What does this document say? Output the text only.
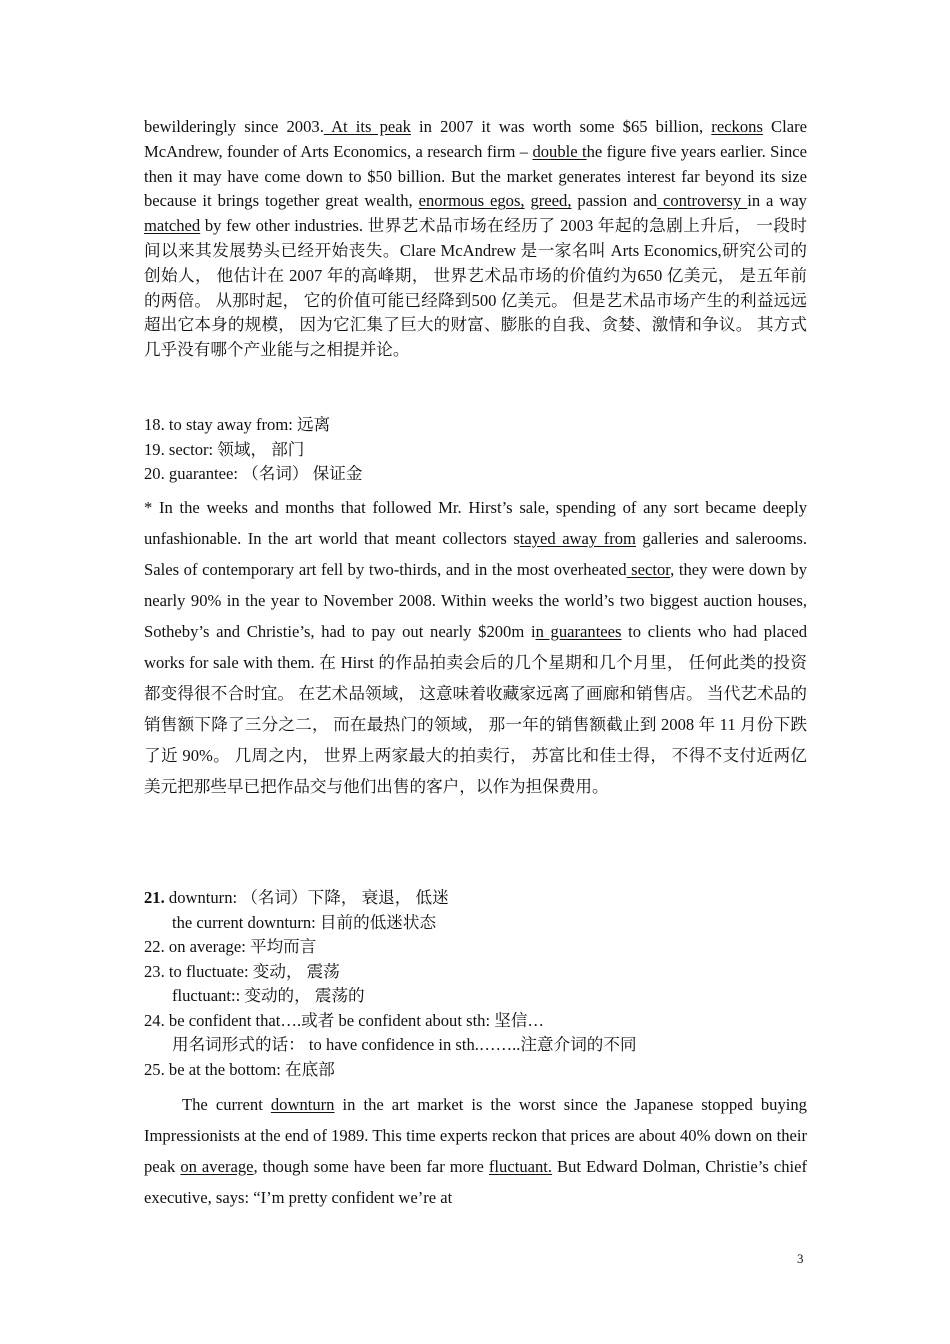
bewilderingly since 2003. At its peak in 2007 it was worth some $65 billion, reckons Clare McAndrew, founder of Arts Economics, a research firm – double the figure five years earlier. Since then it may have come down to $50 billion. But the market generates interest far beyond its size because it brings together great wealth, enormous egos, greed, passion and controversy in a way matched by few other industries. 世界艺术品市场在经历了 2003 年起的急剧上升后， 一段时间以来其发展势头已经开始丧失。Clare McAndrew 是一家名叫 Arts Economics,研究公司的创始人， 他估计在 2007 年的高峰期， 世界艺术品市场的价值约为650 亿美元， 是五年前的两倍。 从那时起， 它的价值可能已经降到500 亿美元。 但是艺术品市场产生的利益远远超出它本身的规模， 因为它汇集了巨大的财富、膨胀的自我、贪婪、激情和争议。 其方式几乎没有哪个产业能与之相提并论。
18. to stay away from: 远离
19. sector: 领域， 部门
20. guarantee: （名词） 保证金
* In the weeks and months that followed Mr. Hirst’s sale, spending of any sort became deeply unfashionable. In the art world that meant collectors stayed away from galleries and salerooms. Sales of contemporary art fell by two-thirds, and in the most overheated sector, they were down by nearly 90% in the year to November 2008. Within weeks the world’s two biggest auction houses, Sotheby’s and Christie’s, had to pay out nearly $200m in guarantees to clients who had placed works for sale with them. 在 Hirst 的作品拍卖会后的几个星期和几个月里， 任何此类的投资都变得很不合时宜。 在艺术品领域， 这意味着收藏家远离了画廊和销售店。 当代艺术品的销售额下降了三分之二， 而在最热门的领域， 那一年的销售额截止到 2008 年 11 月份下跌了近 90%。 几周之内， 世界上两家最大的拍卖行， 苏富比和佳士得， 不得不支付近两亿美元把那些早已把作品交与他们出售的客户，以作为担保费用。
21. downturn: （名词）下降， 衰退， 低迷
the current downturn: 目前的低迷状态
22. on average: 平均而言
23. to fluctuate: 变动， 震荡
fluctuant:: 变动的， 震荡的
24. be confident that….或者 be confident about sth: 坚信…
用名词形式的话： to have confidence in sth.……..注意介词的不同
25. be at the bottom: 在底部
The current downturn in the art market is the worst since the Japanese stopped buying Impressionists at the end of 1989. This time experts reckon that prices are about 40% down on their peak on average, though some have been far more fluctuant. But Edward Dolman, Christie’s chief executive, says: “I’m pretty confident we’re at
3
